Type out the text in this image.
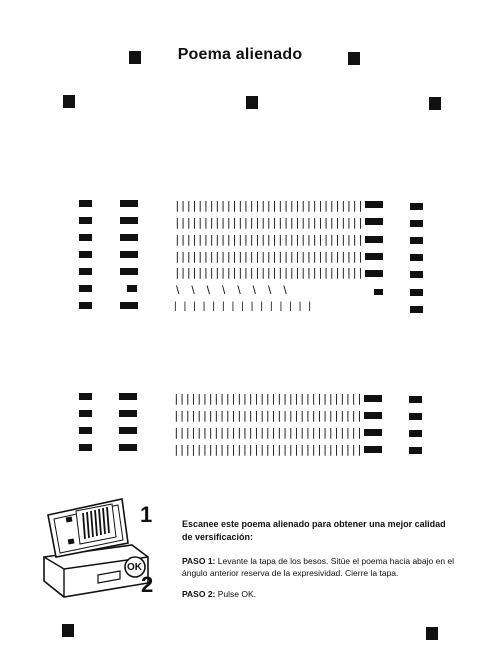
Poema alienado
|||||||||||||||||||||||||||||||||
|||||||||||||||||||||||||||||||||
|||||||||||||||||||||||||||||||||
|||||||||||||||||||||||||||||||||
|||||||||||||||||||||||||||||||||
\\\\\\\\
|||||||||||||||
|||||||||||||||||||||||||||||||||
|||||||||||||||||||||||||||||||||
|||||||||||||||||||||||||||||||||
|||||||||||||||||||||||||||||||||
OK
1
2
Escanee este poema alienado para obtener una mejor calidad de versificación:
PASO 1: Levante la tapa de los besos. Sitúe el poema hacia abajo en el ángulo anterior reserva de la expresividad. Cierre la tapa.
PASO 2: Pulse OK.
